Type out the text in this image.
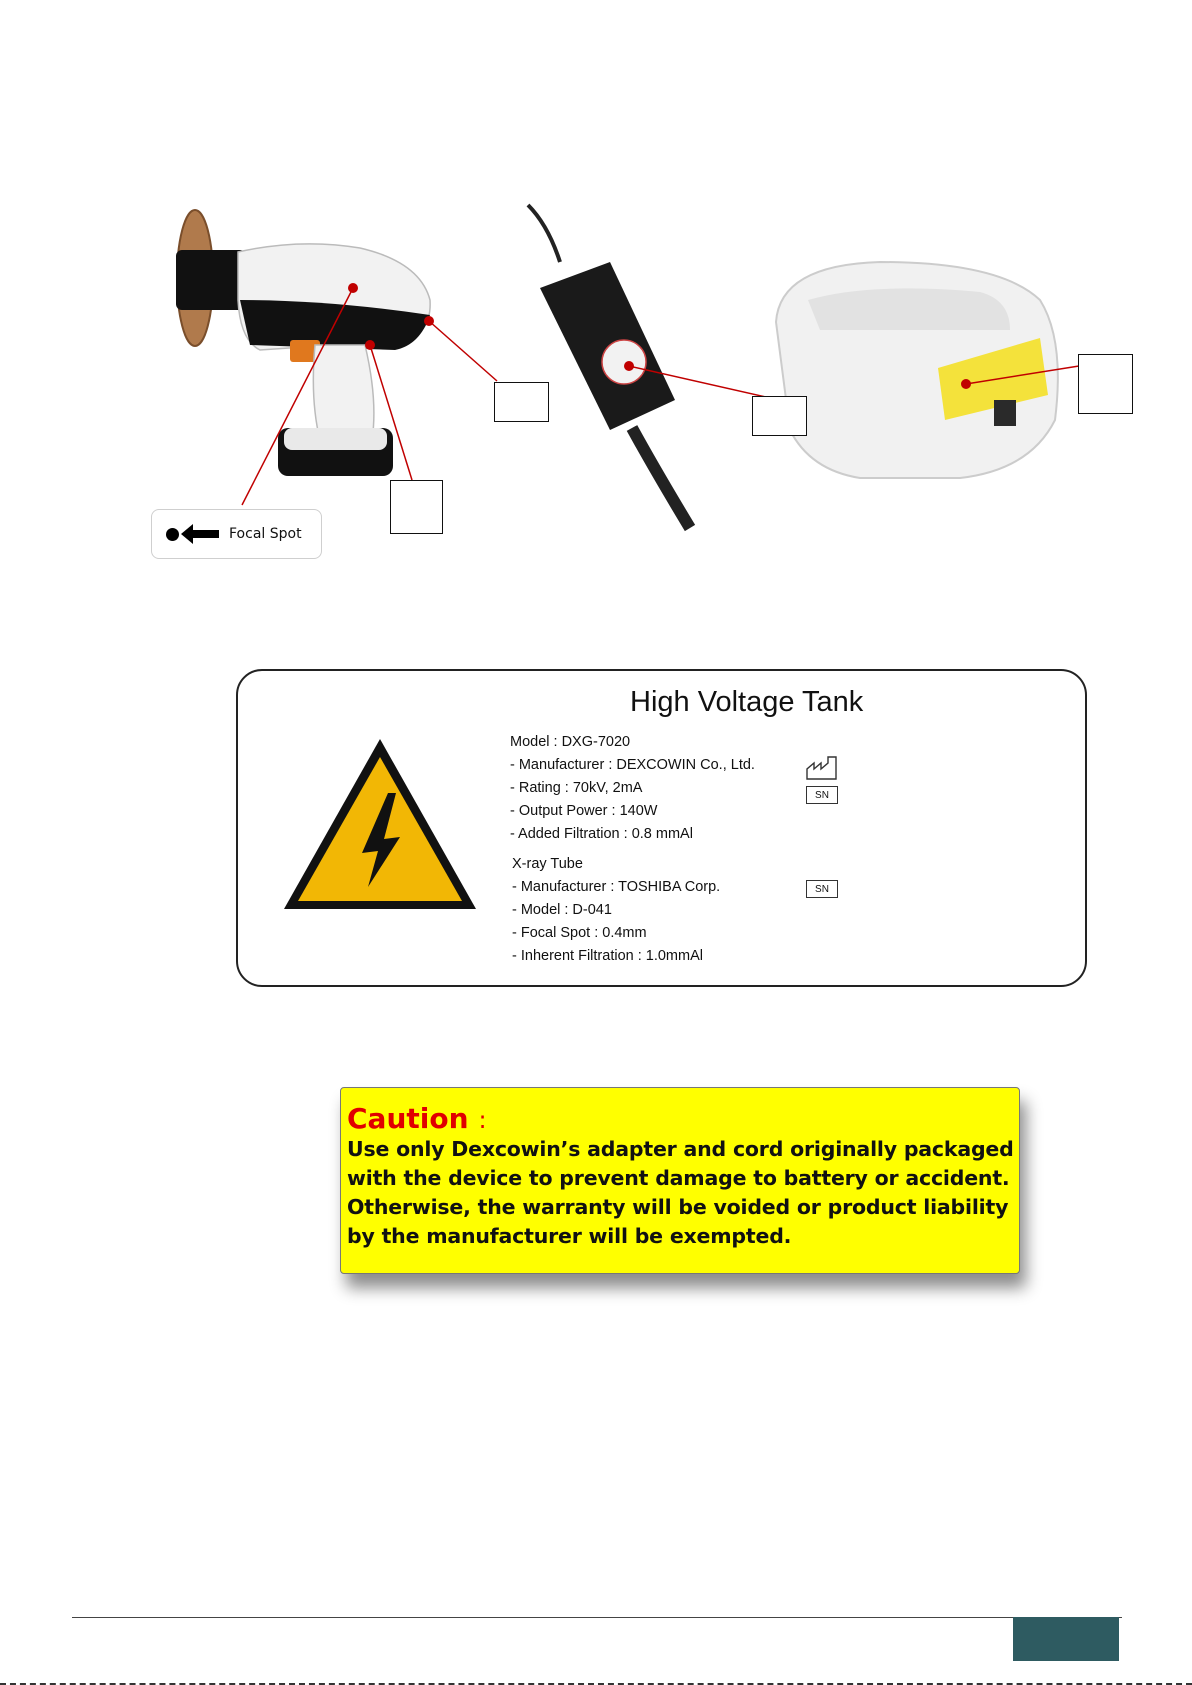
Focal Spot
High Voltage Tank
Model : DXG-7020
- Manufacturer : DEXCOWIN Co., Ltd.
- Rating : 70kV, 2mA
- Output Power : 140W
- Added Filtration : 0.8 mmAl
X-ray Tube
- Manufacturer : TOSHIBA Corp.
- Model : D-041
- Focal Spot : 0.4mm
- Inherent Filtration : 1.0mmAl
SN
SN
Caution :
Use only Dexcowin’s adapter and cord originally packaged
with the device to prevent damage to battery or accident.
Otherwise, the warranty will be voided or product liability
by the manufacturer will be exempted.
